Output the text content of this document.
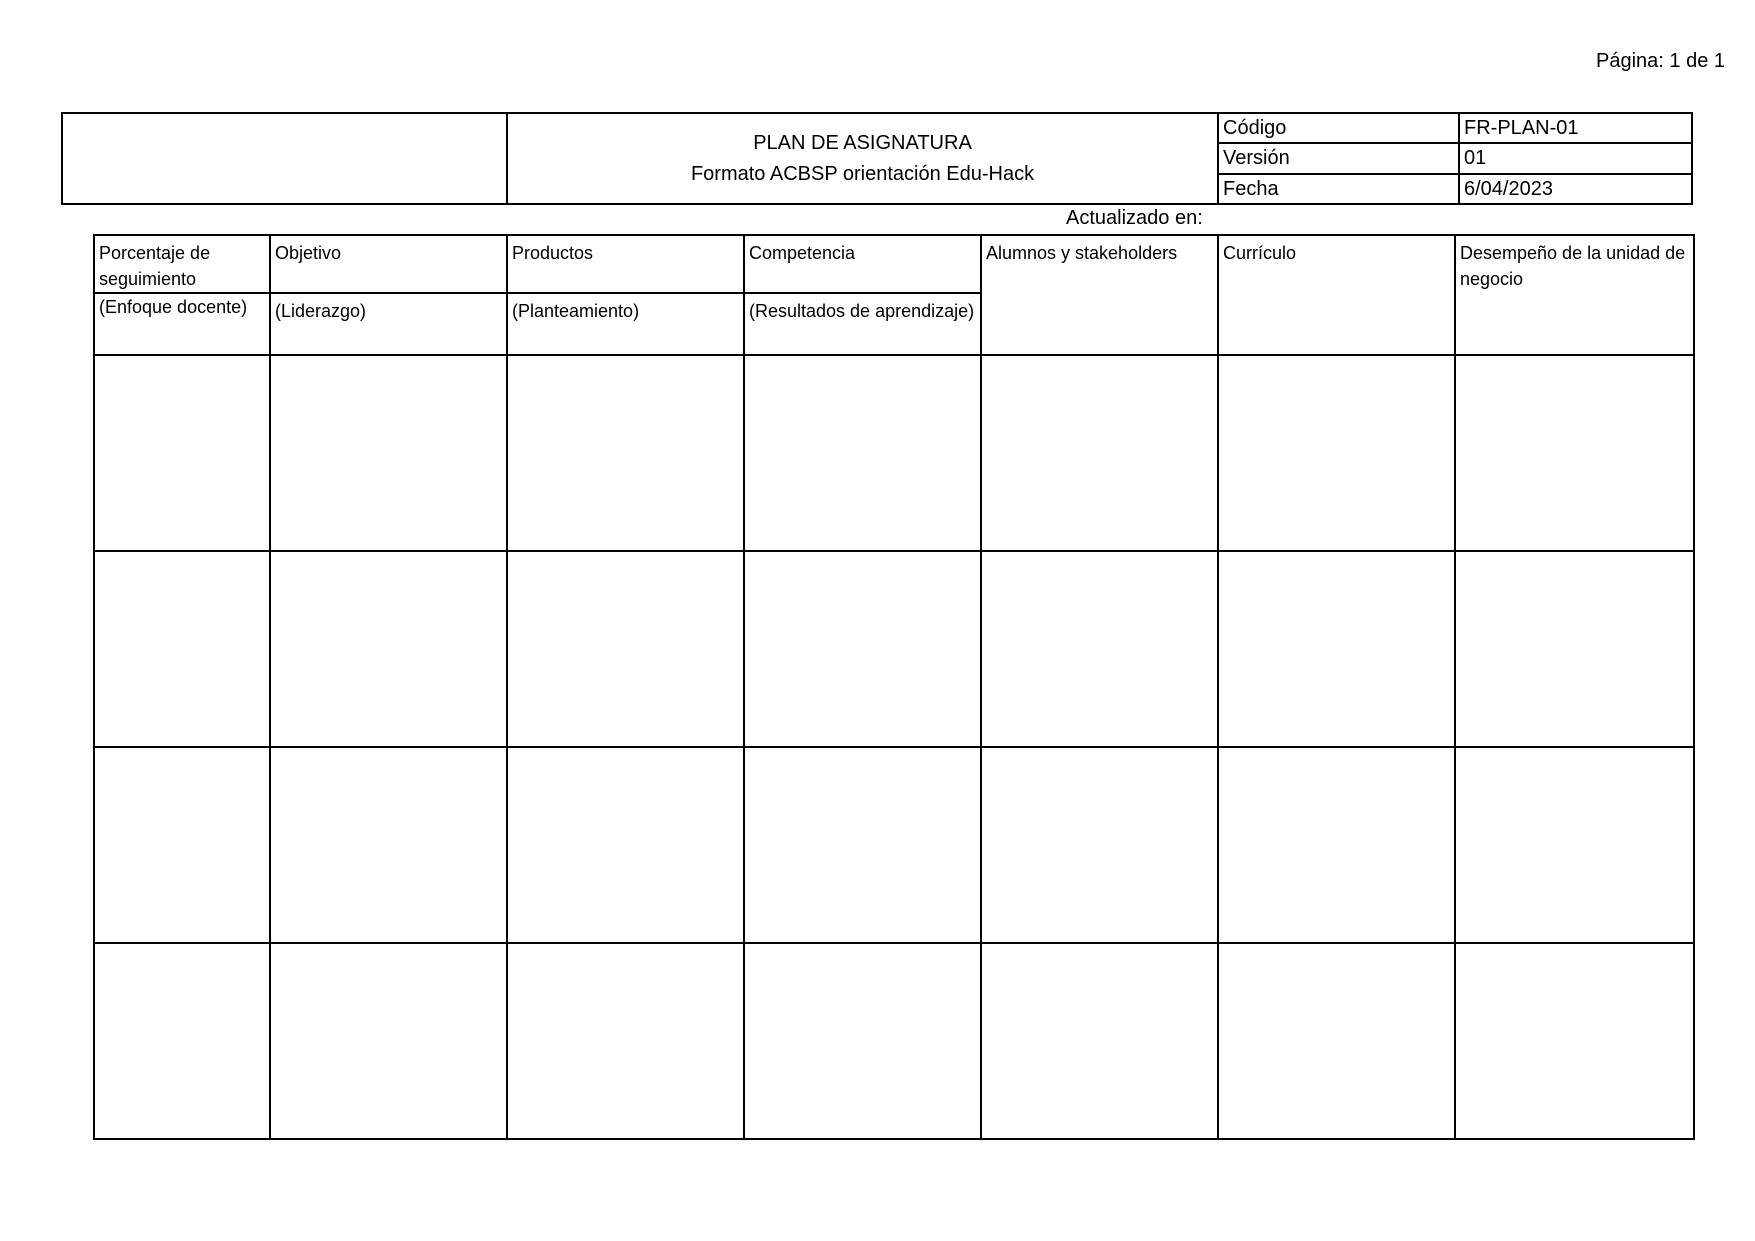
Página: 1 de 1

	PLAN DE ASIGNATURA
Formato ACBSP orientación Edu-Hack	Código	FR-PLAN-01
		Versión	01
		Fecha	6/04/2023
Actualizado en:
Porcentaje de seguimiento	Objetivo	Productos	Competencia	Alumnos y stakeholders	Currículo	Desempeño de la unidad de negocio
(Enfoque docente)	(Liderazgo)	(Planteamiento)	(Resultados de aprendizaje)			
